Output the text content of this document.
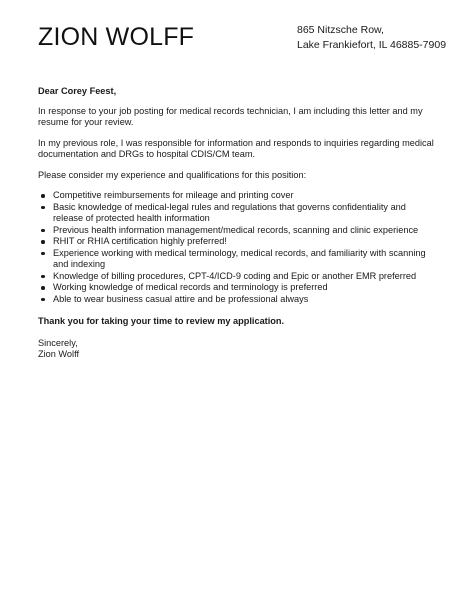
ZION WOLFF	865 Nitzsche Row,
Lake Frankiefort, IL 46885-7909

Dear Corey Feest,

In response to your job posting for medical records technician, I am including this letter and my resume for your review.

In my previous role, I was responsible for information and responds to inquiries regarding medical documentation and DRGs to hospital CDIS/CM team.

Please consider my experience and qualifications for this position:

Competitive reimbursements for mileage and printing cover
Basic knowledge of medical-legal rules and regulations that governs confidentiality and release of protected health information
Previous health information management/medical records, scanning and clinic experience
RHIT or RHIA certification highly preferred!
Experience working with medical terminology, medical records, and familiarity with scanning and indexing
Knowledge of billing procedures, CPT-4/ICD-9 coding and Epic or another EMR preferred
Working knowledge of medical records and terminology is preferred
Able to wear business casual attire and be professional always

Thank you for taking your time to review my application.

Sincerely,

Zion Wolff
